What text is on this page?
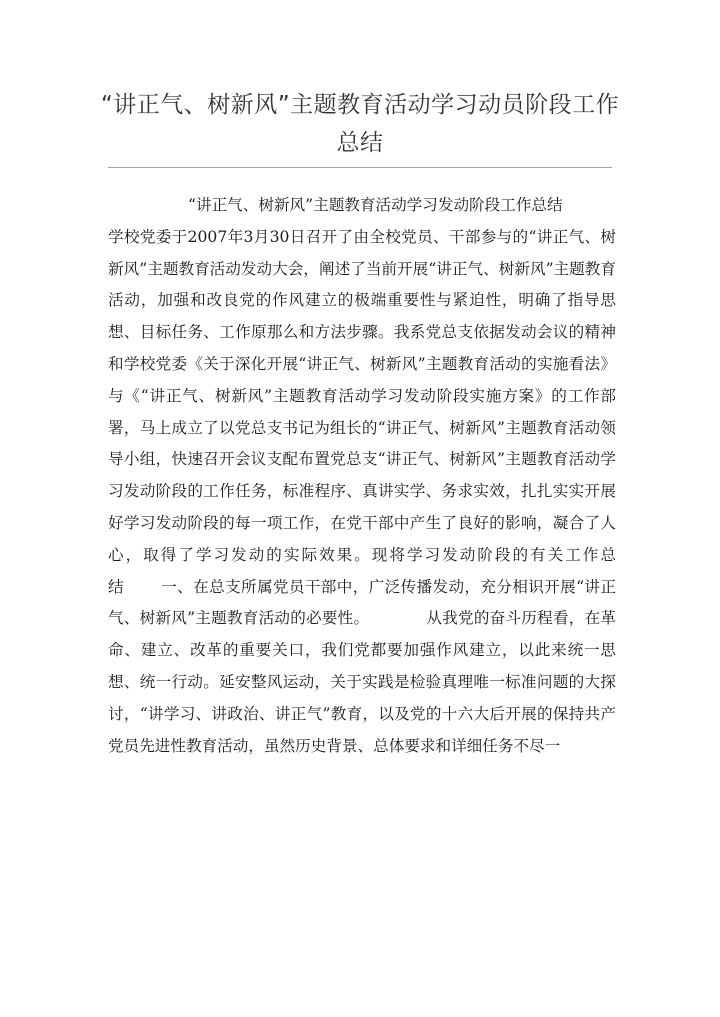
“讲正气、树新风”主题教育活动学习动员阶段工作总结
“讲正气、树新风”主题教育活动学习发动阶段工作总结
学校党委于2007年3月30日召开了由全校党员、干部参与的“讲正气、树新风”主题教育活动发动大会，阐述了当前开展“讲正气、树新风”主题教育活动，加强和改良党的作风建立的极端重要性与紧迫性，明确了指导思想、目标任务、工作原那么和方法步骤。我系党总支依据发动会议的精神和学校党委《关于深化开展“讲正气、树新风”主题教育活动的实施看法》与《“讲正气、树新风”主题教育活动学习发动阶段实施方案》的工作部署，马上成立了以党总支书记为组长的“讲正气、树新风”主题教育活动领导小组，快速召开会议支配布置党总支“讲正气、树新风”主题教育活动学习发动阶段的工作任务，标准程序、真讲实学、务求实效，扎扎实实开展好学习发动阶段的每一项工作，在党干部中产生了良好的影响，凝合了人心，取得了学习发动的实际效果。现将学习发动阶段的有关工作总结 一、在总支所属党员干部中，广泛传播发动，充分相识开展“讲正气、树新风”主题教育活动的必要性。	从我党的奋斗历程看，在革命、建立、改革的重要关口，我们党都要加强作风建立，以此来统一思想、统一行动。延安整风运动，关于实践是检验真理唯一标准问题的大探讨，“讲学习、讲政治、讲正气”教育，以及党的十六大后开展的保持共产党员先进性教育活动，虽然历史背景、总体要求和详细任务不尽一
